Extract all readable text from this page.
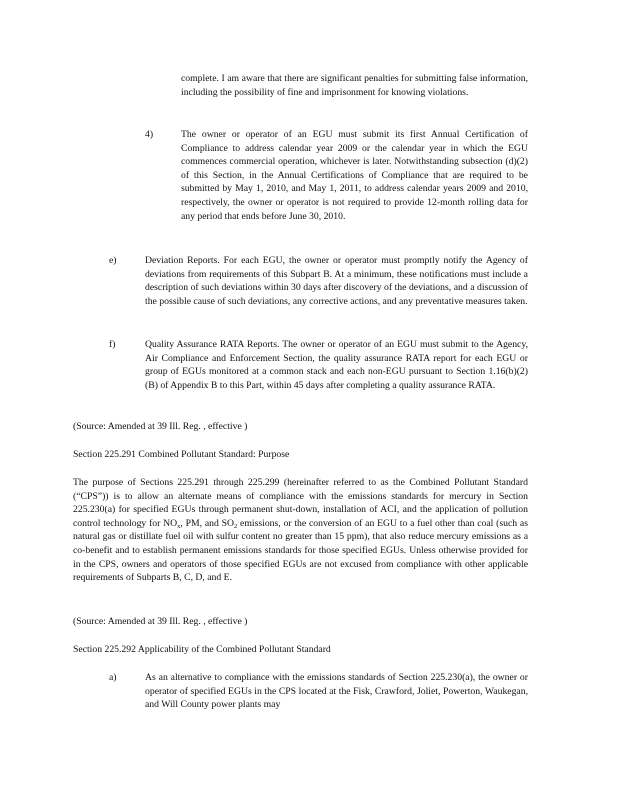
complete. I am aware that there are significant penalties for submitting false information, including the possibility of fine and imprisonment for knowing violations.

4)	The owner or operator of an EGU must submit its first Annual Certification of Compliance to address calendar year 2009 or the calendar year in which the EGU commences commercial operation, whichever is later. Notwithstanding subsection (d)(2) of this Section, in the Annual Certifications of Compliance that are required to be submitted by May 1, 2010, and May 1, 2011, to address calendar years 2009 and 2010, respectively, the owner or operator is not required to provide 12-month rolling data for any period that ends before June 30, 2010.

e)	Deviation Reports. For each EGU, the owner or operator must promptly notify the Agency of deviations from requirements of this Subpart B. At a minimum, these notifications must include a description of such deviations within 30 days after discovery of the deviations, and a discussion of the possible cause of such deviations, any corrective actions, and any preventative measures taken.

f)	Quality Assurance RATA Reports. The owner or operator of an EGU must submit to the Agency, Air Compliance and Enforcement Section, the quality assurance RATA report for each EGU or group of EGUs monitored at a common stack and each non-EGU pursuant to Section 1.16(b)(2)(B) of Appendix B to this Part, within 45 days after completing a quality assurance RATA.

(Source: Amended at 39 Ill. Reg. , effective )
Section 225.291 Combined Pollutant Standard: Purpose

The purpose of Sections 225.291 through 225.299 (hereinafter referred to as the Combined Pollutant Standard (“CPS”)) is to allow an alternate means of compliance with the emissions standards for mercury in Section 225.230(a) for specified EGUs through permanent shut-down, installation of ACI, and the application of pollution control technology for $NO_x$, PM, and $SO_2$ emissions, or the conversion of an EGU to a fuel other than coal (such as natural gas or distillate fuel oil with sulfur content no greater than 15 ppm), that also reduce mercury emissions as a co-benefit and to establish permanent emissions standards for those specified EGUs. Unless otherwise provided for in the CPS, owners and operators of those specified EGUs are not excused from compliance with other applicable requirements of Subparts B, C, D, and E.

(Source: Amended at 39 Ill. Reg. , effective )
Section 225.292 Applicability of the Combined Pollutant Standard
a)	As an alternative to compliance with the emissions standards of Section 225.230(a), the owner or operator of specified EGUs in the CPS located at the Fisk, Crawford, Joliet, Powerton, Waukegan, and Will County power plants may
